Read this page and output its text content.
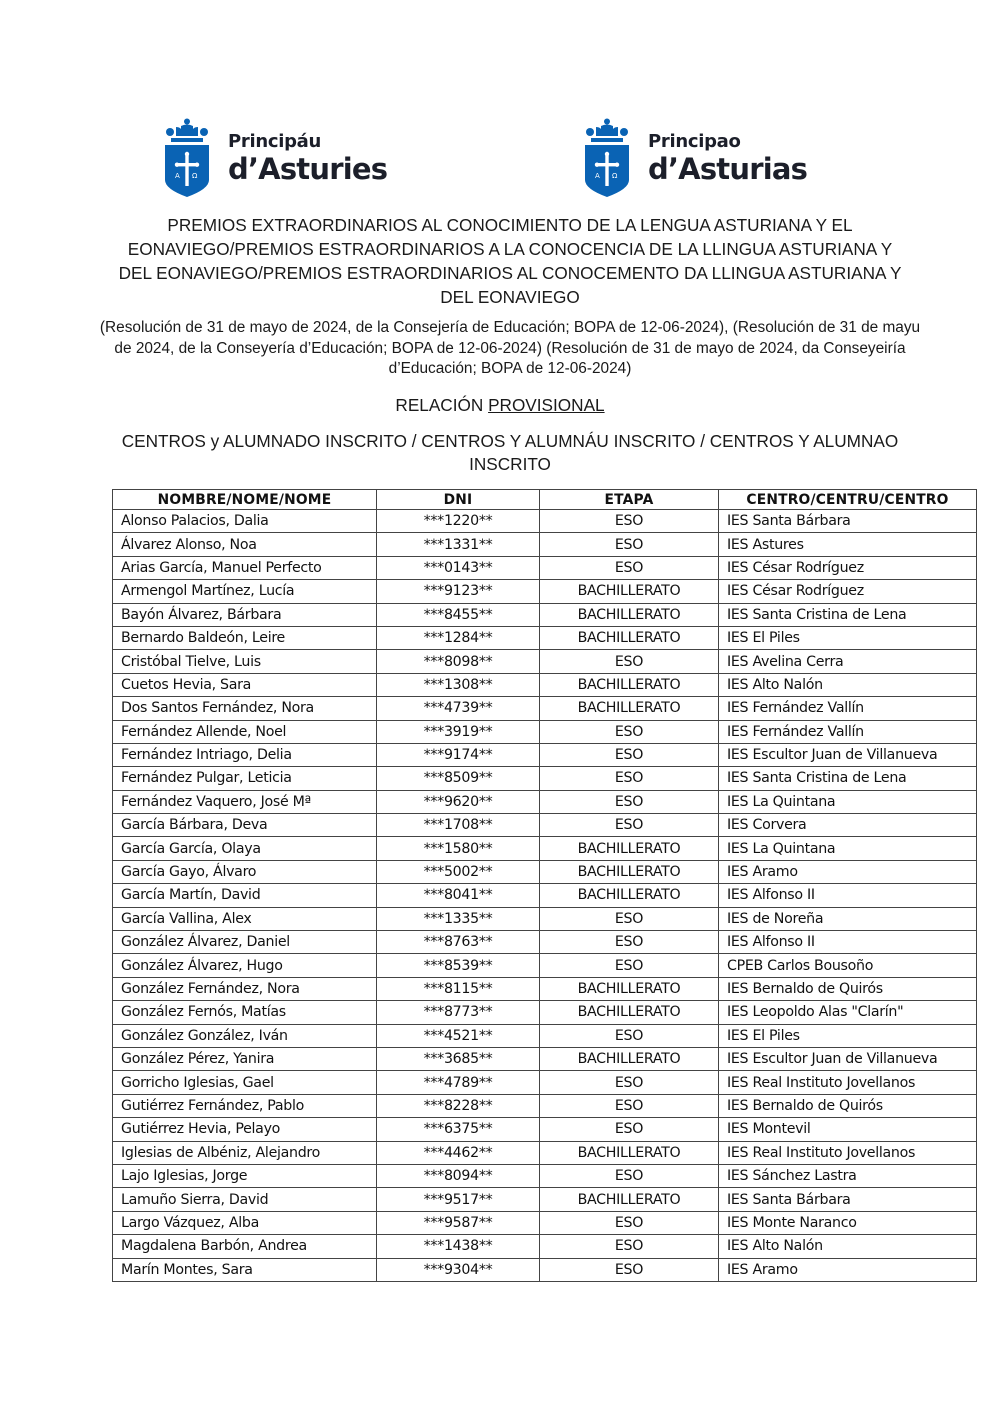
A Ω
Principáu
d’Asturies	A Ω
Principao
d’Asturias
PREMIOS EXTRAORDINARIOS AL CONOCIMIENTO DE LA LENGUA ASTURIANA Y EL EONAVIEGO/PREMIOS ESTRAORDINARIOS A LA CONOCENCIA DE LA LLINGUA ASTURIANA Y DEL EONAVIEGO/PREMIOS ESTRAORDINARIOS AL CONOCEMENTO DA LLINGUA ASTURIANA Y DEL EONAVIEGO
(Resolución de 31 de mayo de 2024, de la Consejería de Educación; BOPA de 12-06-2024), (Resolución de 31 de mayu de 2024, de la Conseyería d’Educación; BOPA de 12-06-2024) (Resolución de 31 de mayo de 2024, da Conseyeiría d’Educación; BOPA de 12-06-2024)
RELACIÓN PROVISIONAL
CENTROS y ALUMNADO INSCRITO / CENTROS Y ALUMNÁU INSCRITO / CENTROS Y ALUMNAO INSCRITO
NOMBRE/NOME/NOME	DNI	ETAPA	CENTRO/CENTRU/CENTRO
Alonso Palacios, Dalia	***1220**	ESO	IES Santa Bárbara
Álvarez Alonso, Noa	***1331**	ESO	IES Astures
Arias García, Manuel Perfecto	***0143**	ESO	IES César Rodríguez
Armengol Martínez, Lucía	***9123**	BACHILLERATO	IES César Rodríguez
Bayón Álvarez, Bárbara	***8455**	BACHILLERATO	IES Santa Cristina de Lena
Bernardo Baldeón, Leire	***1284**	BACHILLERATO	IES El Piles
Cristóbal Tielve, Luis	***8098**	ESO	IES Avelina Cerra
Cuetos Hevia, Sara	***1308**	BACHILLERATO	IES Alto Nalón
Dos Santos Fernández, Nora	***4739**	BACHILLERATO	IES Fernández Vallín
Fernández Allende, Noel	***3919**	ESO	IES Fernández Vallín
Fernández Intriago, Delia	***9174**	ESO	IES Escultor Juan de Villanueva
Fernández Pulgar, Leticia	***8509**	ESO	IES Santa Cristina de Lena
Fernández Vaquero, José Mª	***9620**	ESO	IES La Quintana
García Bárbara, Deva	***1708**	ESO	IES Corvera
García García, Olaya	***1580**	BACHILLERATO	IES La Quintana
García Gayo, Álvaro	***5002**	BACHILLERATO	IES Aramo
García Martín, David	***8041**	BACHILLERATO	IES Alfonso II
García Vallina, Alex	***1335**	ESO	IES de Noreña
González Álvarez, Daniel	***8763**	ESO	IES Alfonso II
González Álvarez, Hugo	***8539**	ESO	CPEB Carlos Bousoño
González Fernández, Nora	***8115**	BACHILLERATO	IES Bernaldo de Quirós
González Fernós, Matías	***8773**	BACHILLERATO	IES Leopoldo Alas "Clarín"
González González, Iván	***4521**	ESO	IES El Piles
González Pérez, Yanira	***3685**	BACHILLERATO	IES Escultor Juan de Villanueva
Gorricho Iglesias, Gael	***4789**	ESO	IES Real Instituto Jovellanos
Gutiérrez Fernández, Pablo	***8228**	ESO	IES Bernaldo de Quirós
Gutiérrez Hevia, Pelayo	***6375**	ESO	IES Montevil
Iglesias de Albéniz, Alejandro	***4462**	BACHILLERATO	IES Real Instituto Jovellanos
Lajo Iglesias, Jorge	***8094**	ESO	IES Sánchez Lastra
Lamuño Sierra, David	***9517**	BACHILLERATO	IES Santa Bárbara
Largo Vázquez, Alba	***9587**	ESO	IES Monte Naranco
Magdalena Barbón, Andrea	***1438**	ESO	IES Alto Nalón
Marín Montes, Sara	***9304**	ESO	IES Aramo
